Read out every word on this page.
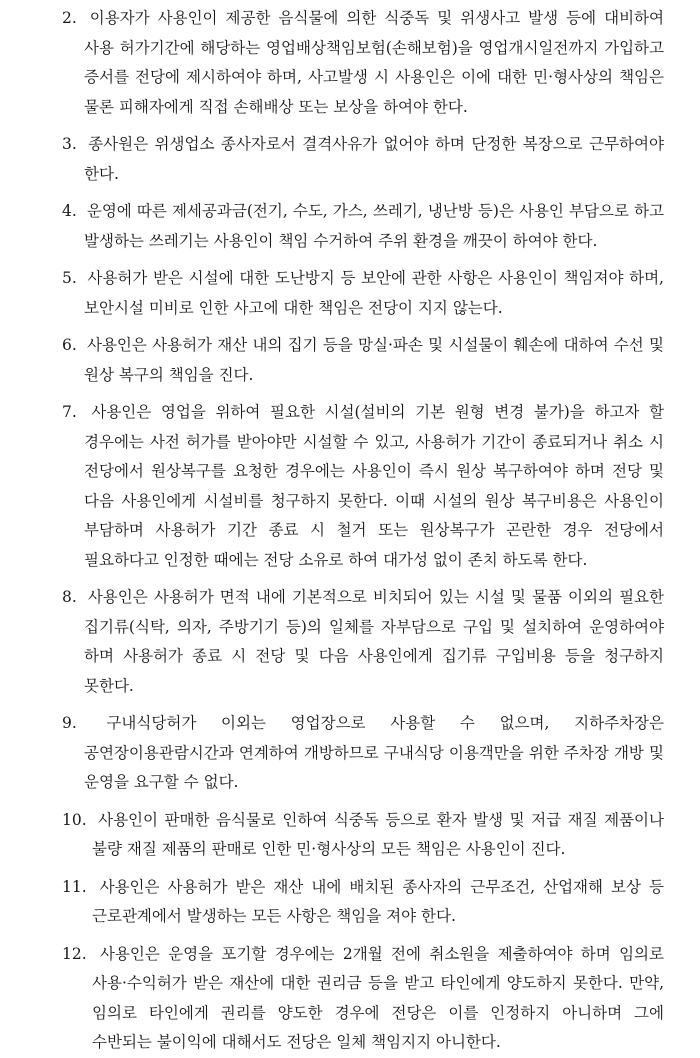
2.  이용자가 사용인이 제공한 음식물에 의한 식중독 및 위생사고 발생 등에 대비하여 사용 허가기간에 해당하는 영업배상책임보험(손해보험)을 영업개시일전까지 가입하고 증서를 전당에 제시하여야 하며, 사고발생 시 사용인은 이에 대한 민·형사상의 책임은 물론 피해자에게 직접 손해배상 또는 보상을 하여야 한다.
3.  종사원은 위생업소 종사자로서 결격사유가 없어야 하며 단정한 복장으로 근무하여야 한다.
4.  운영에 따른 제세공과금(전기, 수도, 가스, 쓰레기, 냉난방 등)은 사용인 부담으로 하고 발생하는 쓰레기는 사용인이 책임 수거하여 주위 환경을 깨끗이 하여야 한다.
5.  사용허가 받은 시설에 대한 도난방지 등 보안에 관한 사항은 사용인이 책임져야 하며, 보안시설 미비로 인한 사고에 대한 책임은 전당이 지지 않는다.
6.  사용인은 사용허가 재산 내의 집기 등을 망실·파손 및 시설물이 훼손에 대하여 수선 및 원상 복구의 책임을 진다.
7.  사용인은 영업을 위하여 필요한 시설(설비의 기본 원형 변경 불가)을 하고자 할 경우에는 사전 허가를 받아야만 시설할 수 있고, 사용허가 기간이 종료되거나 취소 시 전당에서 원상복구를 요청한 경우에는 사용인이 즉시 원상 복구하여야 하며 전당 및 다음 사용인에게 시설비를 청구하지 못한다. 이때 시설의 원상 복구비용은 사용인이 부담하며 사용허가 기간 종료 시 철거 또는 원상복구가 곤란한 경우 전당에서 필요하다고 인정한 때에는 전당 소유로 하여 대가성 없이 존치 하도록 한다.
8.  사용인은 사용허가 면적 내에 기본적으로 비치되어 있는 시설 및 물품 이외의 필요한 집기류(식탁, 의자, 주방기기 등)의 일체를 자부담으로 구입 및 설치하여 운영하여야 하며 사용허가 종료 시 전당 및 다음 사용인에게 집기류 구입비용 등을 청구하지 못한다.
9.  구내식당허가 이외는 영업장으로 사용할 수 없으며, 지하주차장은 공연장이용관람시간과 연계하여 개방하므로 구내식당 이용객만을 위한 주차장 개방 및 운영을 요구할 수 없다.
10.  사용인이 판매한 음식물로 인하여 식중독 등으로 환자 발생 및 저급 재질 제품이나 불량 재질 제품의 판매로 인한 민·형사상의 모든 책임은 사용인이 진다.
11.  사용인은 사용허가 받은 재산 내에 배치된 종사자의 근무조건, 산업재해 보상 등 근로관계에서 발생하는 모든 사항은 책임을 져야 한다.
12.  사용인은 운영을 포기할 경우에는 2개월 전에 취소원을 제출하여야 하며 임의로 사용·수익허가 받은 재산에 대한 권리금 등을 받고 타인에게 양도하지 못한다. 만약, 임의로 타인에게 권리를 양도한 경우에 전당은 이를 인정하지 아니하며 그에 수반되는 불이익에 대해서도 전당은 일체 책임지지 아니한다.
